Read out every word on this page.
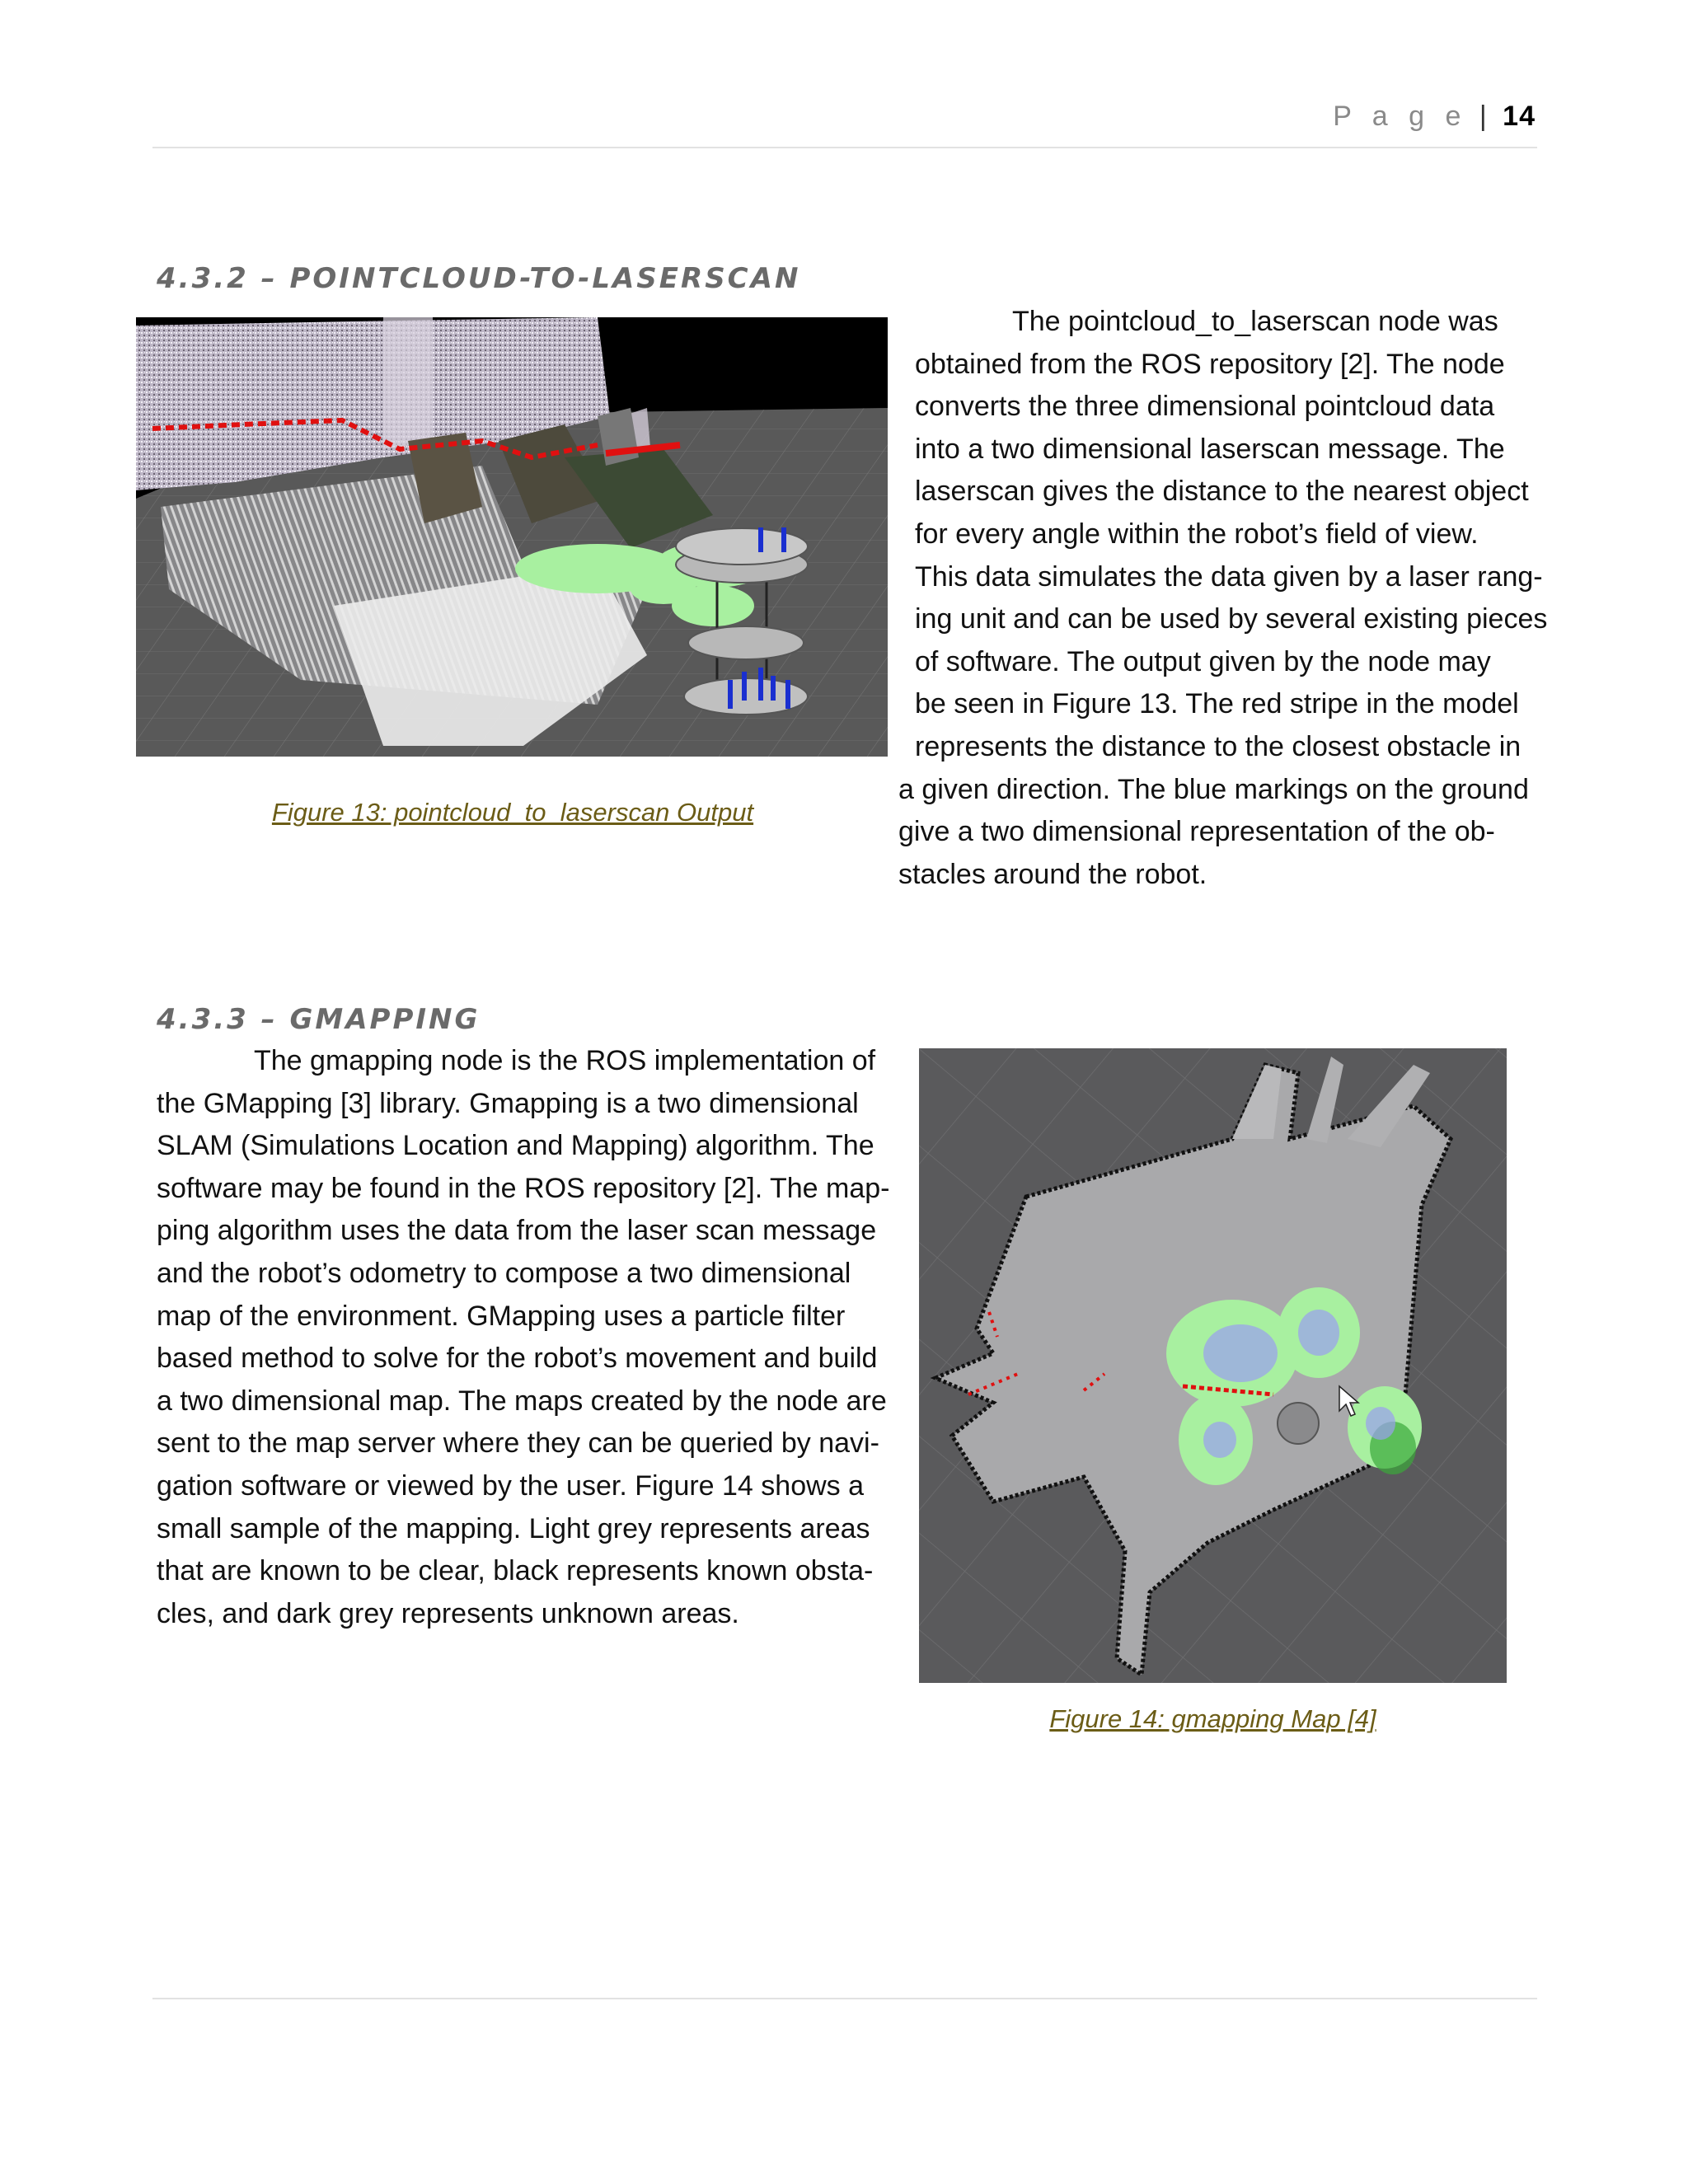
P a g e | 14
4.3.2 – POINTCLOUD-TO-LASERSCAN

Figure 13: pointcloud_to_laserscan Output

The pointcloud_to_laserscan node was
obtained from the ROS repository [2]. The node
converts the three dimensional pointcloud data
into a two dimensional laserscan message. The
laserscan gives the distance to the nearest object
for every angle within the robot’s field of view.
This data simulates the data given by a laser rang-
ing unit and can be used by several existing pieces
of software. The output given by the node may
be seen in Figure 13. The red stripe in the model
represents the distance to the closest obstacle in
a given direction. The blue markings on the ground
give a two dimensional representation of the ob-
stacles around the robot.
4.3.3 – GMAPPING
The gmapping node is the ROS implementation of
the GMapping [3] library. Gmapping is a two dimensional
SLAM (Simulations Location and Mapping) algorithm. The
software may be found in the ROS repository [2]. The map-
ping algorithm uses the data from the laser scan message
and the robot’s odometry to compose a two dimensional
map of the environment. GMapping uses a particle filter
based method to solve for the robot’s movement and build
a two dimensional map. The maps created by the node are
sent to the map server where they can be queried by navi-
gation software or viewed by the user. Figure 14 shows a
small sample of the mapping. Light grey represents areas
that are known to be clear, black represents known obsta-
cles, and dark grey represents unknown areas.

Figure 14: gmapping Map [4]
